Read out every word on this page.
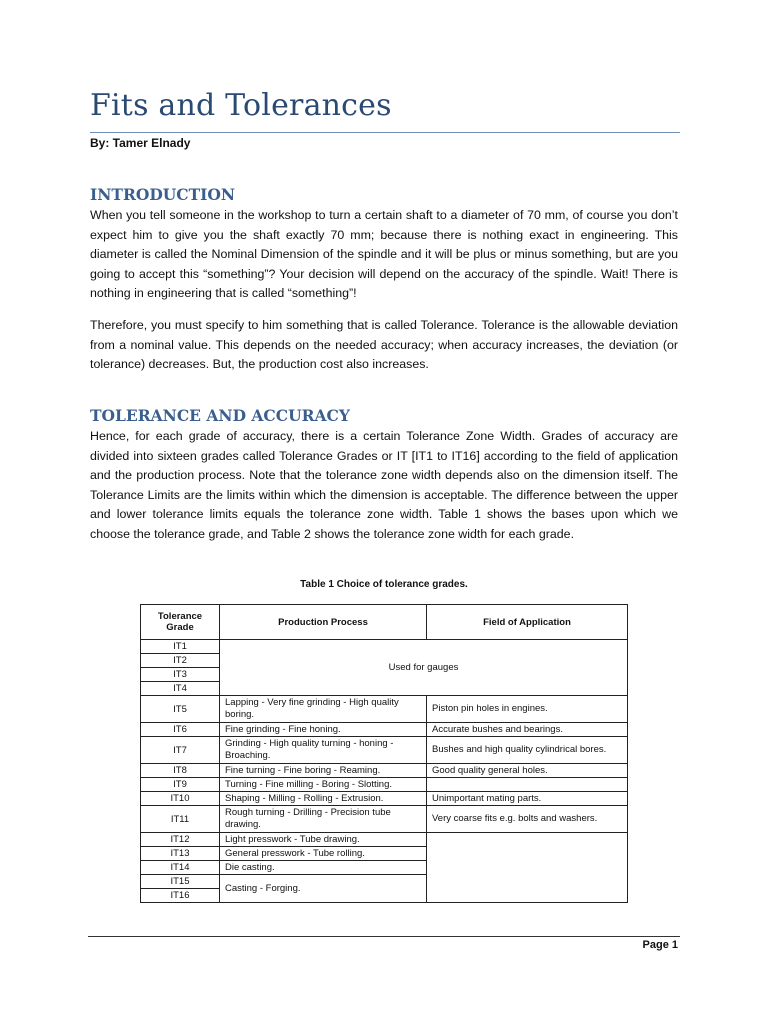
Fits and Tolerances
By: Tamer Elnady
INTRODUCTION
When you tell someone in the workshop to turn a certain shaft to a diameter of 70 mm, of course you don’t expect him to give you the shaft exactly 70 mm; because there is nothing exact in engineering. This diameter is called the Nominal Dimension of the spindle and it will be plus or minus something, but are you going to accept this “something”? Your decision will depend on the accuracy of the spindle. Wait! There is nothing in engineering that is called “something”!
Therefore, you must specify to him something that is called Tolerance. Tolerance is the allowable deviation from a nominal value. This depends on the needed accuracy; when accuracy increases, the deviation (or tolerance) decreases. But, the production cost also increases.
TOLERANCE AND ACCURACY
Hence, for each grade of accuracy, there is a certain Tolerance Zone Width. Grades of accuracy are divided into sixteen grades called Tolerance Grades or IT [IT1 to IT16] according to the field of application and the production process. Note that the tolerance zone width depends also on the dimension itself. The Tolerance Limits are the limits within which the dimension is acceptable. The difference between the upper and lower tolerance limits equals the tolerance zone width. Table 1 shows the bases upon which we choose the tolerance grade, and Table 2 shows the tolerance zone width for each grade.
Table 1 Choice of tolerance grades.
Tolerance Grade	Production Process	Field of Application
IT1	Used for gauges	
IT2		
IT3		
IT4		
IT5	Lapping - Very fine grinding - High quality boring.	Piston pin holes in engines.
IT6	Fine grinding - Fine honing.	Accurate bushes and bearings.
IT7	Grinding - High quality turning - honing - Broaching.	Bushes and high quality cylindrical bores.
IT8	Fine turning - Fine boring - Reaming.	Good quality general holes.
IT9	Turning - Fine milling - Boring - Slotting.	
IT10	Shaping - Milling - Rolling - Extrusion.	Unimportant mating parts.
IT11	Rough turning - Drilling - Precision tube drawing.	Very coarse fits e.g. bolts and washers.
IT12	Light presswork - Tube drawing.	
IT13	General presswork - Tube rolling.	
IT14	Die casting.	
IT15	Casting - Forging.	
IT16		
Page 1
